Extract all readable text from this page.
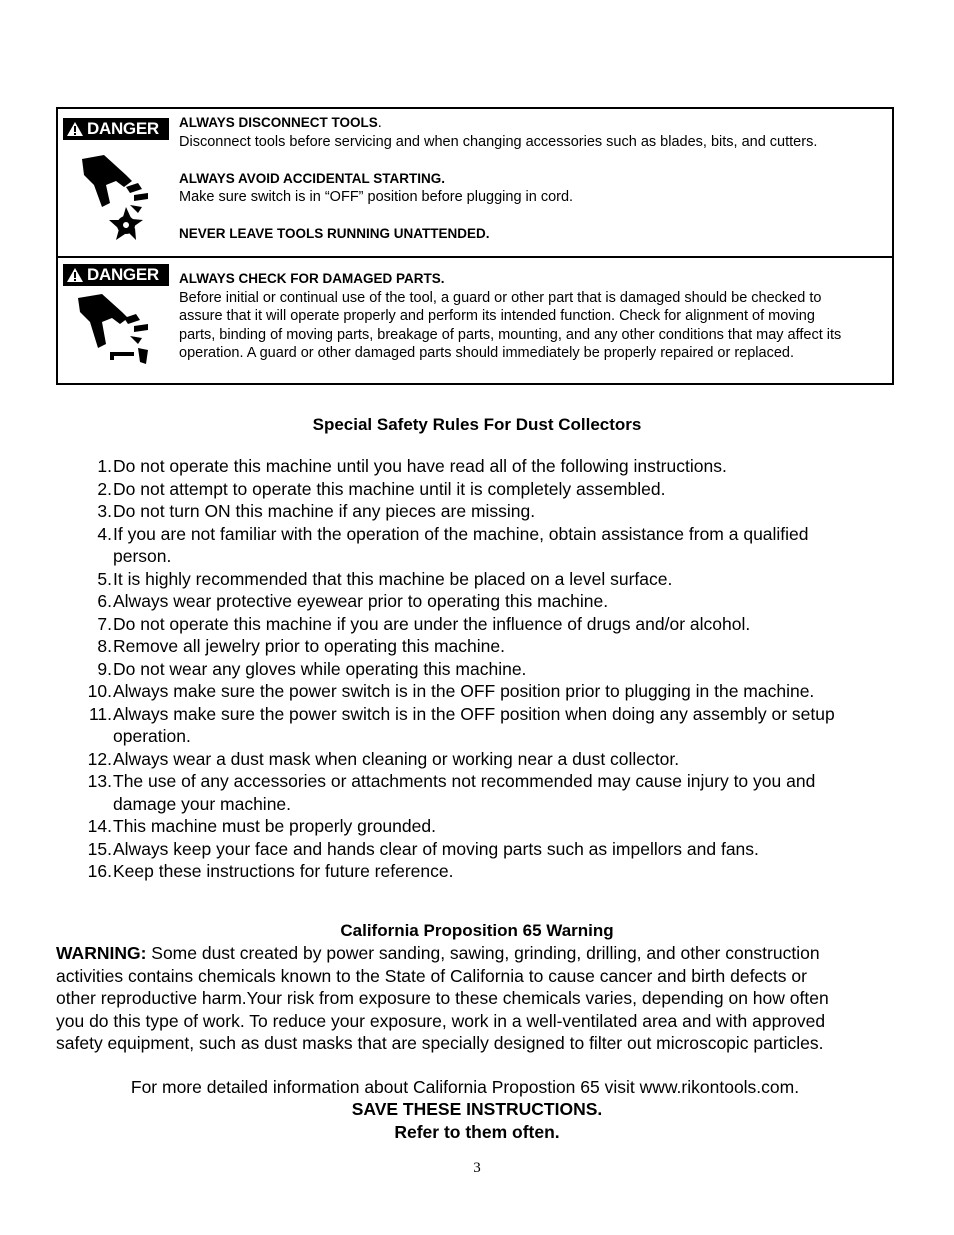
DANGER ALWAYS DISCONNECT TOOLS.
Disconnect tools before servicing and when changing accessories such as blades, bits, and cutters.
ALWAYS AVOID ACCIDENTAL STARTING.
Make sure switch is in “OFF” position before plugging in cord.
NEVER LEAVE TOOLS RUNNING UNATTENDED.
DANGER ALWAYS CHECK FOR DAMAGED PARTS.
Before initial or continual use of the tool, a guard or other part that is damaged should be checked to
assure that it will operate properly and perform its intended function. Check for alignment of moving
parts, binding of moving parts, breakage of parts, mounting, and any other conditions that may affect its
operation. A guard or other damaged parts should immediately be properly repaired or replaced.
Special Safety Rules For Dust Collectors
1. Do not operate this machine until you have read all of the following instructions.
2. Do not attempt to operate this machine until it is completely assembled.
3. Do not turn ON this machine if any pieces are missing.
4. If you are not familiar with the operation of the machine, obtain assistance from a qualified
person.
5. It is highly recommended that this machine be placed on a level surface.
6. Always wear protective eyewear prior to operating this machine.
7. Do not operate this machine if you are under the influence of drugs and/or alcohol.
8. Remove all jewelry prior to operating this machine.
9. Do not wear any gloves while operating this machine.
10. Always make sure the power switch is in the OFF position prior to plugging in the machine.
11. Always make sure the power switch is in the OFF position when doing any assembly or setup
operation.
12. Always wear a dust mask when cleaning or working near a dust collector.
13. The use of any accessories or attachments not recommended may cause injury to you and
damage your machine.
14. This machine must be properly grounded.
15. Always keep your face and hands clear of moving parts such as impellors and fans.
16. Keep these instructions for future reference.
California Proposition 65 Warning
WARNING: Some dust created by power sanding, sawing, grinding, drilling, and other construction
activities contains chemicals known to the State of California to cause cancer and birth defects or
other reproductive harm.Your risk from exposure to these chemicals varies, depending on how often
you do this type of work. To reduce your exposure, work in a well-ventilated area and with approved
safety equipment, such as dust masks that are specially designed to filter out microscopic particles.
For more detailed information about California Propostion 65 visit www.rikontools.com.
SAVE THESE INSTRUCTIONS.
Refer to them often.
3
